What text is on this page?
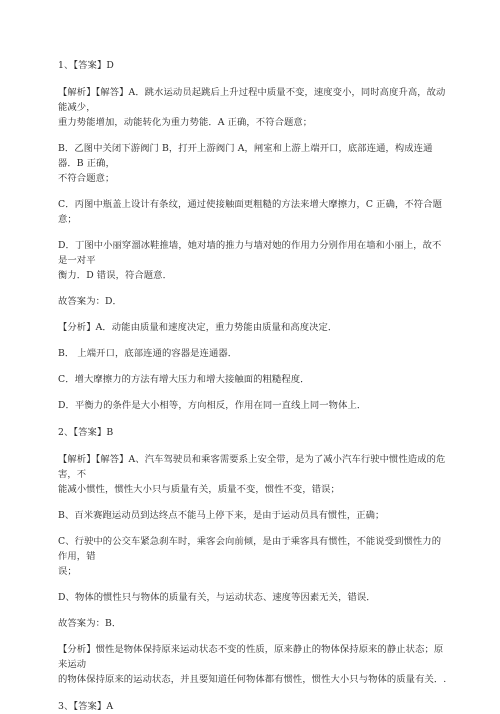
1、【答案】D

【解析】【解答】A．跳水运动员起跳后上升过程中质量不变，速度变小，同时高度升高，故动能减少，

重力势能增加，动能转化为重力势能．A 正确，不符合题意；

B．乙图中关闭下游阀门 B，打开上游阀门 A，闸室和上游上端开口，底部连通，构成连通器．B 正确，

不符合题意；

C．丙图中瓶盖上设计有条纹，通过使接触面更粗糙的方法来增大摩擦力，C 正确，不符合题意；

D．丁图中小丽穿溜冰鞋推墙，她对墙的推力与墙对她的作用力分别作用在墙和小丽上，故不是一对平

衡力．D 错误，符合题意．

故答案为：D．

【分析】A．动能由质量和速度决定，重力势能由质量和高度决定．

B． 上端开口，底部连通的容器是连通器．

C．增大摩擦力的方法有增大压力和增大接触面的粗糙程度．

D．平衡力的条件是大小相等，方向相反，作用在同一直线上同一物体上．

2、【答案】B

【解析】【解答】A、汽车驾驶员和乘客需要系上安全带，是为了减小汽车行驶中惯性造成的危害，不

能减小惯性，惯性大小只与质量有关，质量不变，惯性不变，错误；

B、百米赛跑运动员到达终点不能马上停下来，是由于运动员具有惯性，正确；

C、行驶中的公交车紧急刹车时，乘客会向前倾，是由于乘客具有惯性，不能说受到惯性力的作用，错

误；

D、物体的惯性只与物体的质量有关，与运动状态、速度等因素无关，错误．

故答案为：B．

【分析】惯性是物体保持原来运动状态不变的性质，原来静止的物体保持原来的静止状态；原来运动

的物体保持原来的运动状态，并且要知道任何物体都有惯性，惯性大小只与物体的质量有关．.

3、【答案】A
